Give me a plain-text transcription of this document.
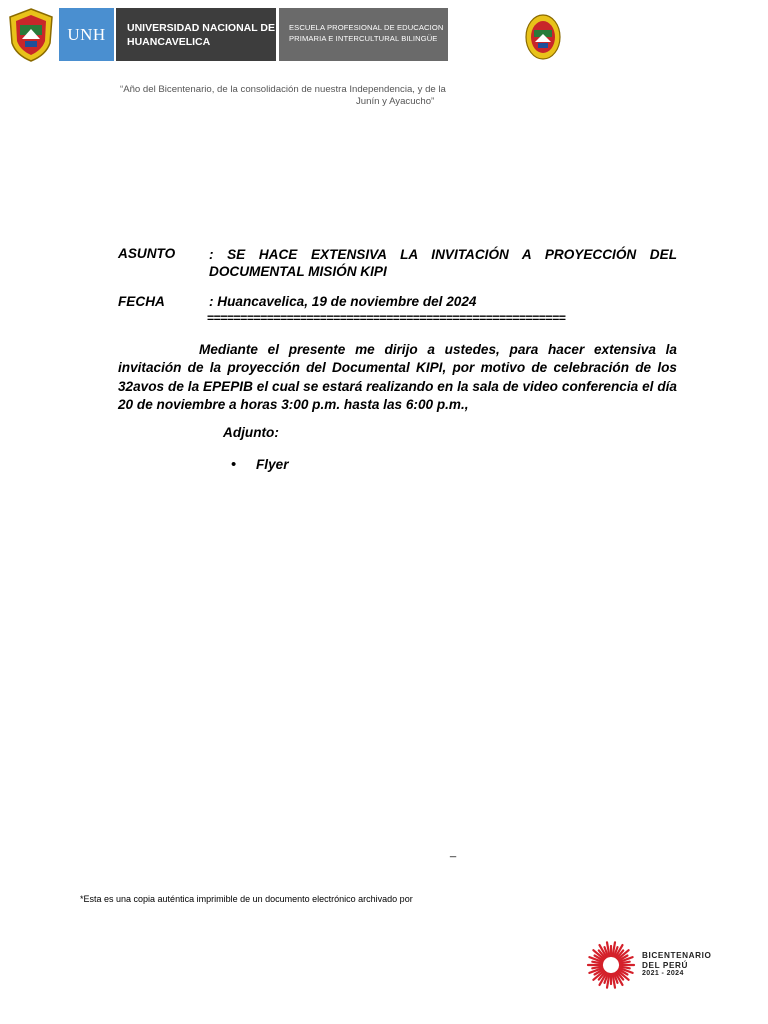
UNH UNIVERSIDAD NACIONAL DE
HUANCAVELICA
ESCUELA PROFESIONAL DE EDUCACION
PRIMARIA E INTERCULTURAL BILINGÜE
“Año del Bicentenario, de la consolidación de nuestra Independencia, y de la
Junín y Ayacucho”
ASUNTO : SE HACE EXTENSIVA LA INVITACIÓN A PROYECCIÓN DEL
DOCUMENTAL MISIÓN KIPI
FECHA	: Huancavelica, 19 de noviembre del 2024
======================================================
Mediante el presente me dirijo a ustedes, para hacer extensiva la invitación de la proyección del Documental KIPI, por motivo de celebración de los 32avos de la EPEPIB el cual se estará realizando en la sala de video conferencia el día 20 de noviembre a horas 3:00 p.m. hasta las 6:00 p.m.,
Adjunto:
• Flyer
_
*Esta es una copia auténtica imprimible de un documento electrónico archivado por
BICENTENARIO
DEL PERÚ
2021 - 2024
